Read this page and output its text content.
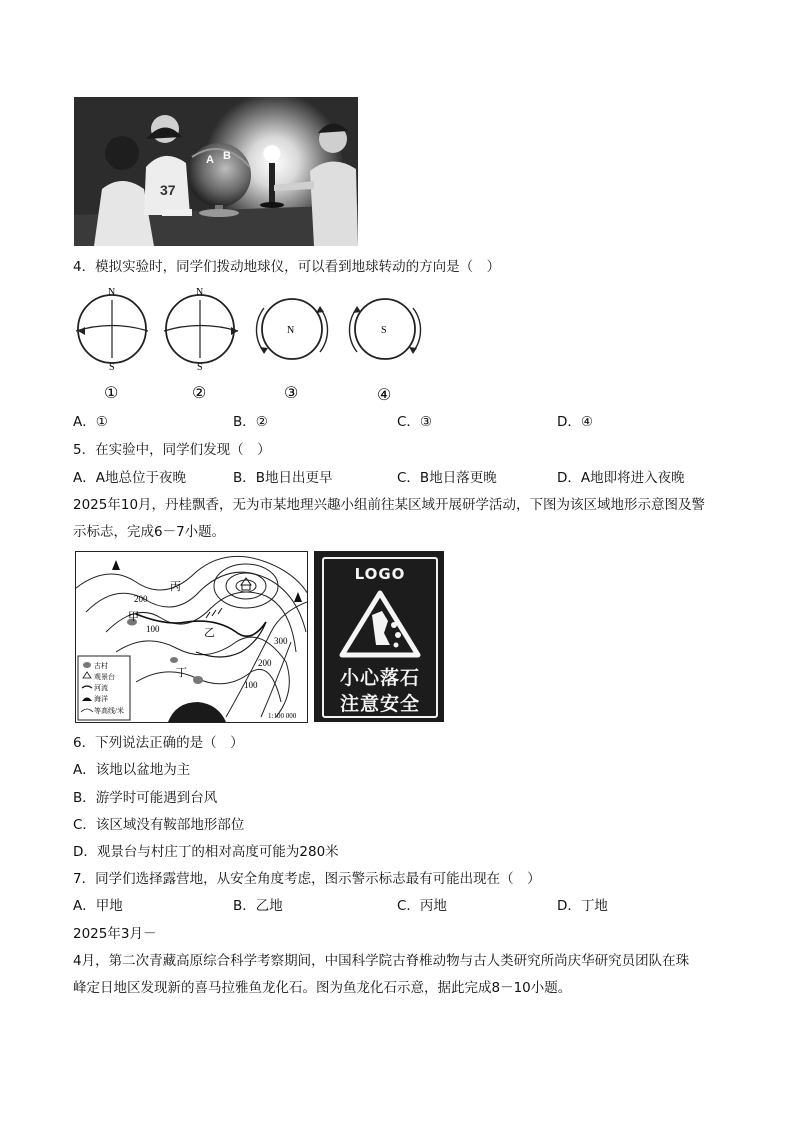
A B
37
4．模拟实验时，同学们拨动地球仪，可以看到地球转动的方向是（　）
N
S
①
N
S
②
N
③
S
④
A．①	B．②	C．③	D．④
5．在实验中，同学们发现（　）
A．A地总位于夜晚	B．B地日出更早	C．B地日落更晚	D．A地即将进入夜晚
2025年10月，丹桂飘香，无为市某地理兴趣小组前往某区域开展研学活动，下图为该区域地形示意图及警
示标志，完成6－7小题。
丙
甲
乙
丁
200
100
300
200
100
古村
观景台
河流
海洋
等高线/米
1:100 000
LOGO
小心落石
注意安全
6．下列说法正确的是（　）
A．该地以盆地为主
B．游学时可能遇到台风
C．该区域没有鞍部地形部位
D．观景台与村庄丁的相对高度可能为280米
7．同学们选择露营地，从安全角度考虑，图示警示标志最有可能出现在（　）
A．甲地	B．乙地	C．丙地	D．丁地
2025年3月－
4月，第二次青藏高原综合科学考察期间，中国科学院古脊椎动物与古人类研究所尚庆华研究员团队在珠
峰定日地区发现新的喜马拉雅鱼龙化石。图为鱼龙化石示意，据此完成8－10小题。
